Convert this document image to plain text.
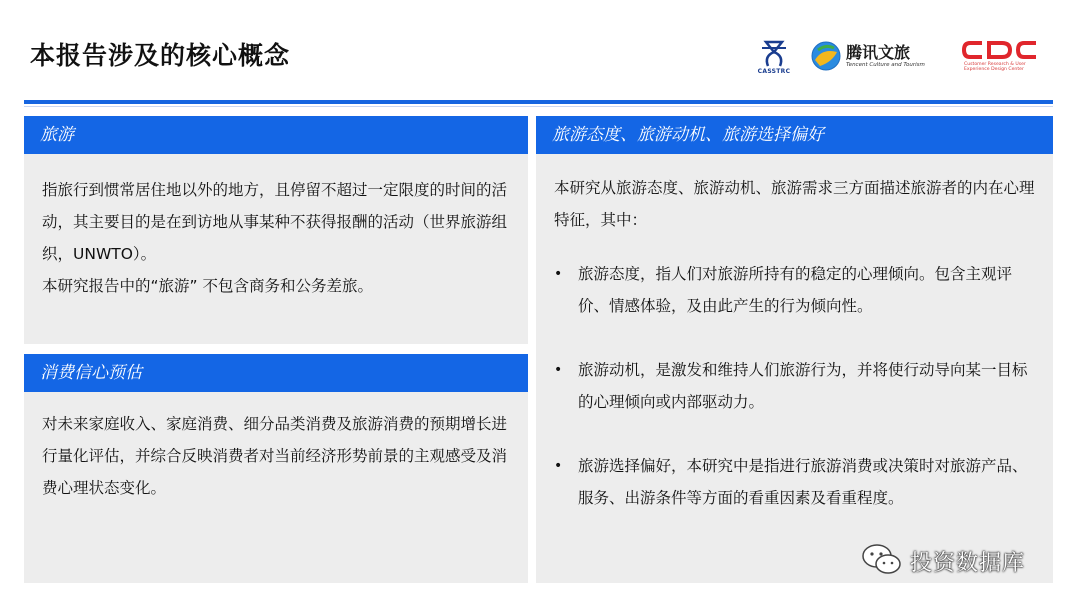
本报告涉及的核心概念
CASSTRC
腾讯文旅
Tencent Culture and Tourism	Customer Research & User Experience Design Center
旅游
指旅行到惯常居住地以外的地方，且停留不超过一定限度的时间的活动，其主要目的是在到访地从事某种不获得报酬的活动（世界旅游组织，UNWTO）。
本研究报告中的“旅游” 不包含商务和公务差旅。
消费信心预估
对未来家庭收入、家庭消费、细分品类消费及旅游消费的预期增长进行量化评估，并综合反映消费者对当前经济形势前景的主观感受及消费心理状态变化。
旅游态度、旅游动机、旅游选择偏好
本研究从旅游态度、旅游动机、旅游需求三方面描述旅游者的内在心理特征，其中：
• 旅游态度，指人们对旅游所持有的稳定的心理倾向。包含主观评价、情感体验，及由此产生的行为倾向性。
• 旅游动机，是激发和维持人们旅游行为，并将使行动导向某一目标的心理倾向或内部驱动力。
• 旅游选择偏好，本研究中是指进行旅游消费或决策时对旅游产品、服务、出游条件等方面的看重因素及看重程度。
投资数据库
